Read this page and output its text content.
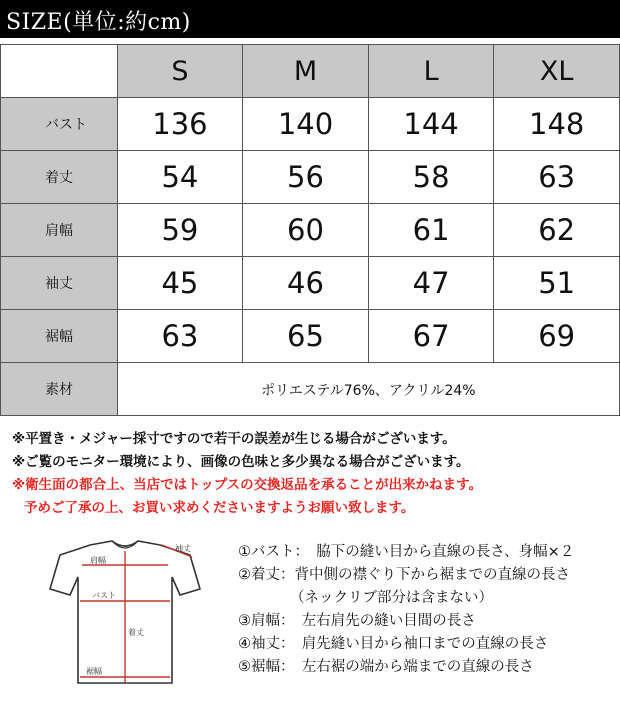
SIZE(単位:約cm)
	S	M	L	XL
バスト	136	140	144	148
着丈	54	56	58	63
肩幅	59	60	61	62
袖丈	45	46	47	51
裾幅	63	65	67	69
素材	ポリエステル76%、アクリル24%			
※平置き・メジャー採寸ですので若干の誤差が生じる場合がございます。
※ご覧のモニター環境により、画像の色味と多少異なる場合がございます。
※衛生面の都合上、当店ではトップスの交換返品を承ることが出来かねます。
予めご了承の上、お買い求めくださいますようお願い致します。
袖丈
肩幅
バスト
着丈
裾幅
①バスト：　脇下の縫い目から直線の長さ、身幅×２
②着丈：背中側の襟ぐり下から裾までの直線の長さ
（ネックリブ部分は含まない）
③肩幅：　左右肩先の縫い目間の長さ
④袖丈：　肩先縫い目から袖口までの直線の長さ
⑤裾幅：　左右裾の端から端までの直線の長さ
